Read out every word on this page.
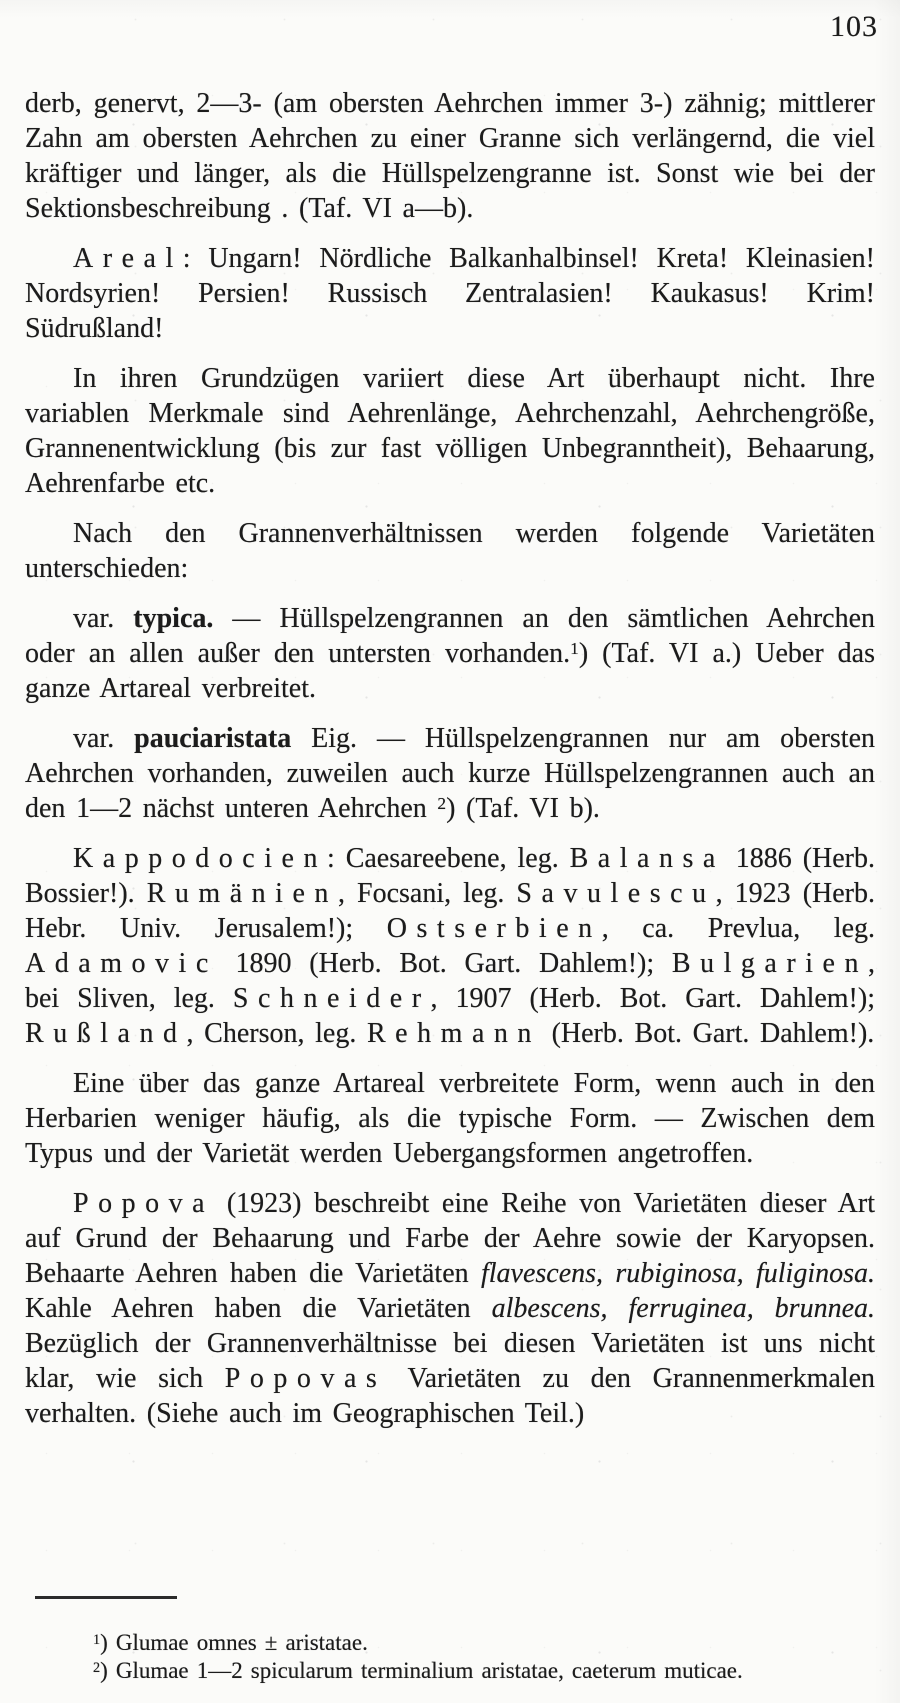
103

derb, genervt, 2—3- (am obersten Aehrchen immer 3-) zähnig; mittlerer Zahn am obersten Aehrchen zu einer Granne sich verlängernd, die viel kräftiger und länger, als die Hüllspelzengranne ist. Sonst wie bei der Sektionsbeschreibung . (Taf. VI a—b).

Areal: Ungarn! Nördliche Balkanhalbinsel! Kreta! Kleinasien! Nordsyrien! Persien! Russisch Zentralasien! Kaukasus! Krim! Südrußland!

In ihren Grundzügen variiert diese Art überhaupt nicht. Ihre variablen Merkmale sind Aehrenlänge, Aehrchenzahl, Aehrchengröße, Grannenentwicklung (bis zur fast völligen Unbegranntheit), Behaarung, Aehrenfarbe etc.

Nach den Grannenverhältnissen werden folgende Varietäten unterschieden:

var. typica. — Hüllspelzengrannen an den sämtlichen Aehrchen oder an allen außer den untersten vorhanden.$^1$) (Taf. VI a.) Ueber das ganze Artareal verbreitet.

var. pauciaristata Eig. — Hüllspelzengrannen nur am obersten Aehrchen vorhanden, zuweilen auch kurze Hüllspelzengrannen auch an den 1—2 nächst unteren Aehrchen $^2$) (Taf. VI b).

Kappodocien: Caesareebene, leg. Balansa 1886 (Herb. Bossier!). Rumänien, Focsani, leg. Savulescu, 1923 (Herb. Hebr. Univ. Jerusalem!); Ostserbien, ca. Prevlua, leg. Adamovic 1890 (Herb. Bot. Gart. Dahlem!); Bulgarien, bei Sliven, leg. Schneider, 1907 (Herb. Bot. Gart. Dahlem!); Rußland, Cherson, leg. Rehmann (Herb. Bot. Gart. Dahlem!).

Eine über das ganze Artareal verbreitete Form, wenn auch in den Herbarien weniger häufig, als die typische Form. — Zwischen dem Typus und der Varietät werden Uebergangsformen angetroffen.

Popova (1923) beschreibt eine Reihe von Varietäten dieser Art auf Grund der Behaarung und Farbe der Aehre sowie der Karyopsen. Behaarte Aehren haben die Varietäten flavescens, rubiginosa, fuliginosa. Kahle Aehren haben die Varietäten albescens, ferruginea, brunnea. Bezüglich der Grannenverhältnisse bei diesen Varietäten ist uns nicht klar, wie sich Popovas Varietäten zu den Grannenmerkmalen verhalten. (Siehe auch im Geographischen Teil.)

$^1$) Glumae omnes ± aristatae.

$^2$) Glumae 1—2 spicularum terminalium aristatae, caeterum muticae.
